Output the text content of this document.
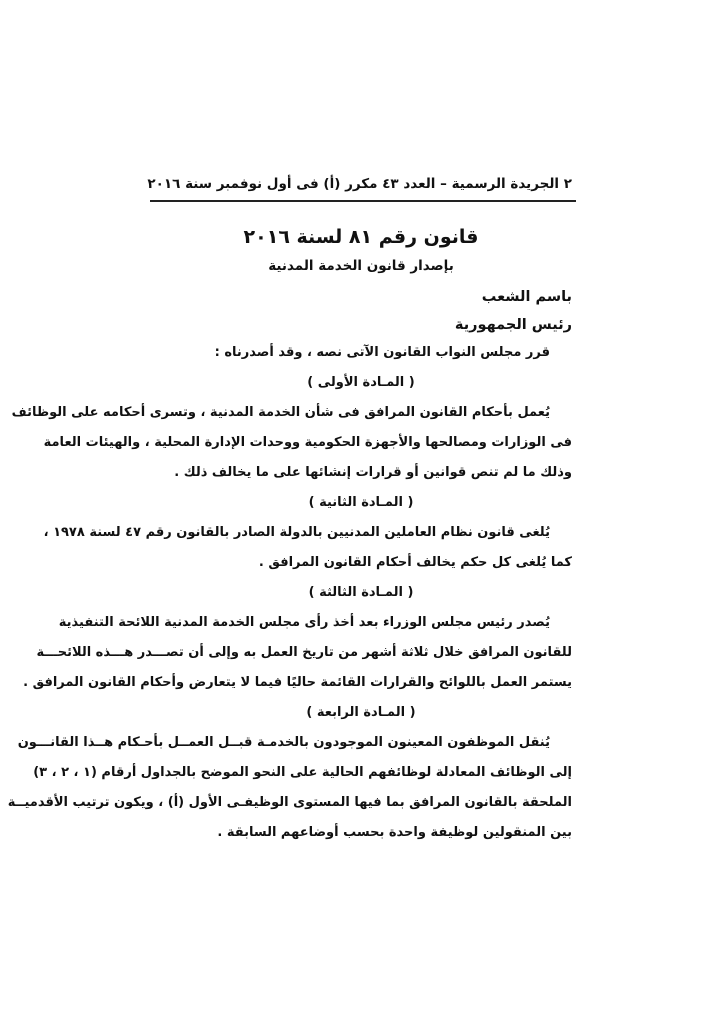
٢ الجريدة الرسمية – العدد ٤٣ مكرر (أ) فى أول نوفمبر سنة ٢٠١٦
قانون رقم ٨١ لسنة ٢٠١٦
بإصدار قانون الخدمة المدنية
باسم الشعب
رئيس الجمهورية
قرر مجلس النواب القانون الآتى نصه ، وقد أصدرناه :
( المـادة الأولى )
يُعمل بأحكام القانون المرافق فى شأن الخدمة المدنية ، وتسرى أحكامه على الوظائف
فى الوزارات ومصالحها والأجهزة الحكومية ووحدات الإدارة المحلية ، والهيئات العامة
وذلك ما لم تنص قوانين أو قرارات إنشائها على ما يخالف ذلك .
( المـادة الثانية )
يُلغى قانون نظام العاملين المدنيين بالدولة الصادر بالقانون رقم ٤٧ لسنة ١٩٧٨ ،
كما يُلغى كل حكم يخالف أحكام القانون المرافق .
( المـادة الثالثة )
يُصدر رئيس مجلس الوزراء بعد أخذ رأى مجلس الخدمة المدنية اللائحة التنفيذية
للقانون المرافق خلال ثلاثة أشهر من تاريخ العمل به وإلى أن تصـــدر هـــذه اللائحـــة
يستمر العمل باللوائح والقرارات القائمة حاليًا فيما لا يتعارض وأحكام القانون المرافق .
( المـادة الرابعة )
يُنقل الموظفون المعينون الموجودون بالخدمـة قبــل العمــل بأحـكام هــذا القانـــون
إلى الوظائف المعادلة لوظائفهم الحالية على النحو الموضح بالجداول أرقام (١ ، ٢ ، ٣)
الملحقة بالقانون المرافق بما فيها المستوى الوظيفـى الأول (أ) ، ويكون ترتيب الأقدميــة
بين المنقولين لوظيفة واحدة بحسب أوضاعهم السابقة .
